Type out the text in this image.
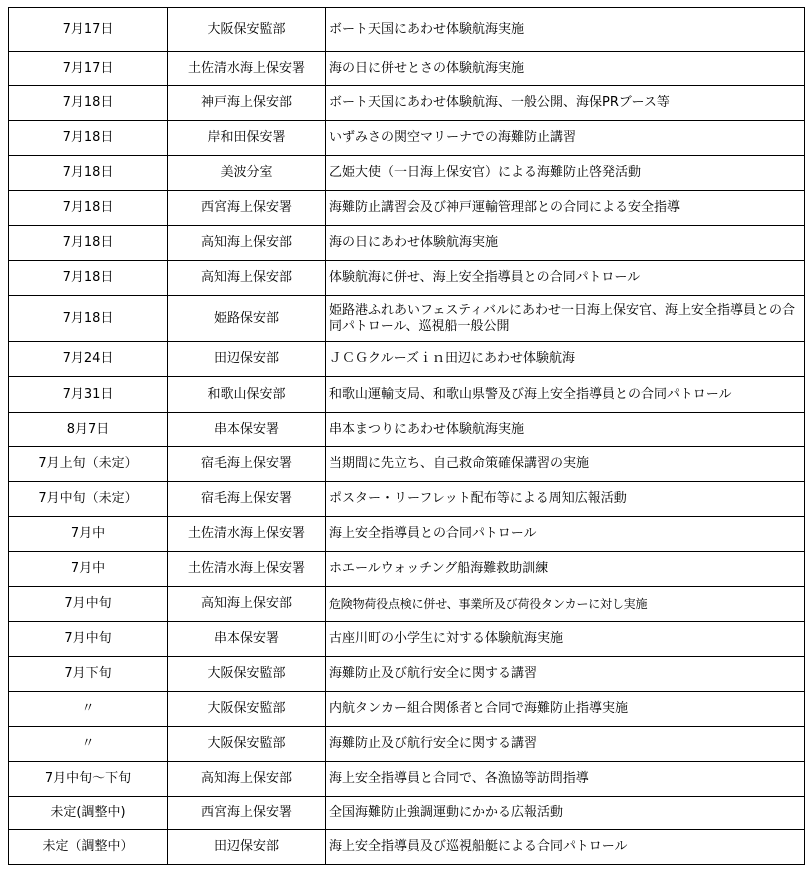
7月17日	大阪保安監部	ボート天国にあわせ体験航海実施
7月17日	土佐清水海上保安署	海の日に併せとさの体験航海実施
7月18日	神戸海上保安部	ボート天国にあわせ体験航海、一般公開、海保PRブース等
7月18日	岸和田保安署	いずみさの関空マリーナでの海難防止講習
7月18日	美波分室	乙姫大使（一日海上保安官）による海難防止啓発活動
7月18日	西宮海上保安署	海難防止講習会及び神戸運輸管理部との合同による安全指導
7月18日	高知海上保安部	海の日にあわせ体験航海実施
7月18日	高知海上保安部	体験航海に併せ、海上安全指導員との合同パトロール
7月18日	姫路保安部	姫路港ふれあいフェスティバルにあわせ一日海上保安官、海上安全指導員との合同パトロール、巡視船一般公開
7月24日	田辺保安部	ＪＣＧクルーズｉｎ田辺にあわせ体験航海
7月31日	和歌山保安部	和歌山運輸支局、和歌山県警及び海上安全指導員との合同パトロール
8月7日	串本保安署	串本まつりにあわせ体験航海実施
7月上旬（未定）	宿毛海上保安署	当期間に先立ち、自己救命策確保講習の実施
7月中旬（未定）	宿毛海上保安署	ポスター・リーフレット配布等による周知広報活動
7月中	土佐清水海上保安署	海上安全指導員との合同パトロール
7月中	土佐清水海上保安署	ホエールウォッチング船海難救助訓練
7月中旬	高知海上保安部	危険物荷役点検に併せ、事業所及び荷役タンカーに対し実施
7月中旬	串本保安署	古座川町の小学生に対する体験航海実施
7月下旬	大阪保安監部	海難防止及び航行安全に関する講習
〃	大阪保安監部	内航タンカー組合関係者と合同で海難防止指導実施
〃	大阪保安監部	海難防止及び航行安全に関する講習
7月中旬～下旬	高知海上保安部	海上安全指導員と合同で、各漁協等訪問指導
未定(調整中)	西宮海上保安署	全国海難防止強調運動にかかる広報活動
未定（調整中）	田辺保安部	海上安全指導員及び巡視船艇による合同パトロール
